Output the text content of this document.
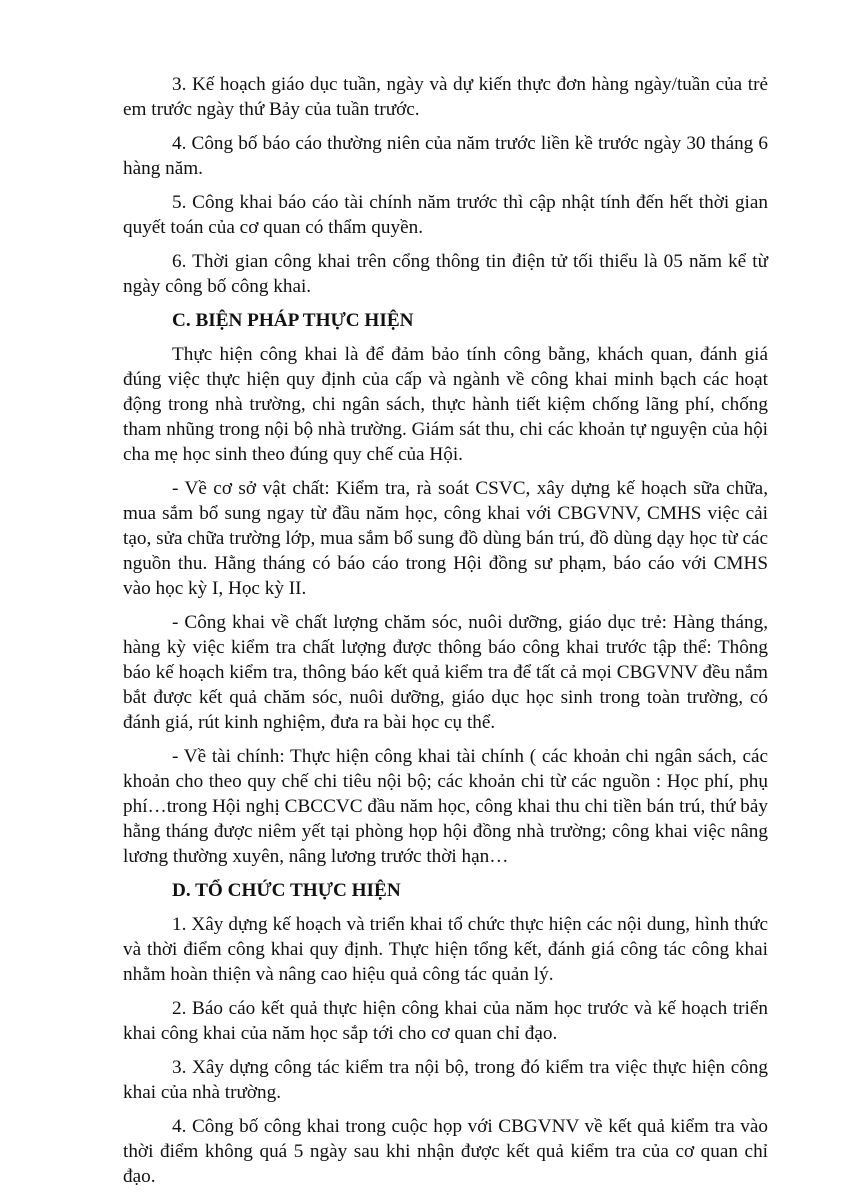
3. Kế hoạch giáo dục tuần, ngày và dự kiến thực đơn hàng ngày/tuần của trẻ em trước ngày thứ Bảy của tuần trước.

4. Công bố báo cáo thường niên của năm trước liền kề trước ngày 30 tháng 6 hàng năm.

5. Công khai báo cáo tài chính năm trước thì cập nhật tính đến hết thời gian quyết toán của cơ quan có thẩm quyền.

6. Thời gian công khai trên cổng thông tin điện tử tối thiểu là 05 năm kể từ ngày công bố công khai.

C. BIỆN PHÁP THỰC HIỆN

Thực hiện công khai là để đảm bảo tính công bằng, khách quan, đánh giá đúng việc thực hiện quy định của cấp và ngành về công khai minh bạch các hoạt động trong nhà trường, chi ngân sách, thực hành tiết kiệm chống lãng phí, chống tham nhũng trong nội bộ nhà trường. Giám sát thu, chi các khoản tự nguyện của hội cha mẹ học sinh theo đúng quy chế của Hội.

- Về cơ sở vật chất: Kiểm tra, rà soát CSVC, xây dựng kế hoạch sữa chữa, mua sắm bổ sung ngay từ đầu năm học, công khai với CBGVNV, CMHS việc cải tạo, sửa chữa trường lớp, mua sắm bổ sung đồ dùng bán trú, đồ dùng dạy học từ các nguồn thu. Hằng tháng có báo cáo trong Hội đồng sư phạm, báo cáo với CMHS vào học kỳ I, Học kỳ II.

- Công khai về chất lượng chăm sóc, nuôi dưỡng, giáo dục trẻ: Hàng tháng, hàng kỳ việc kiểm tra chất lượng được thông báo công khai trước tập thể: Thông báo kế hoạch kiểm tra, thông báo kết quả kiểm tra để tất cả mọi CBGVNV đều nắm bắt được kết quả chăm sóc, nuôi dưỡng, giáo dục học sinh trong toàn trường, có đánh giá, rút kinh nghiệm, đưa ra bài học cụ thể.

- Về tài chính: Thực hiện công khai tài chính ( các khoản chi ngân sách, các khoản cho theo quy chế chi tiêu nội bộ; các khoản chi từ các nguồn : Học phí, phụ phí…trong Hội nghị CBCCVC đầu năm học, công khai thu chi tiền bán trú, thứ bảy hằng tháng được niêm yết tại phòng họp hội đồng nhà trường; công khai việc nâng lương thường xuyên, nâng lương trước thời hạn…

D. TỔ CHỨC THỰC HIỆN

1. Xây dựng kế hoạch và triển khai tổ chức thực hiện các nội dung, hình thức và thời điểm công khai quy định. Thực hiện tổng kết, đánh giá công tác công khai nhằm hoàn thiện và nâng cao hiệu quả công tác quản lý.

2. Báo cáo kết quả thực hiện công khai của năm học trước và kế hoạch triển khai công khai của năm học sắp tới cho cơ quan chỉ đạo.

3. Xây dựng công tác kiểm tra nội bộ, trong đó kiểm tra việc thực hiện công khai của nhà trường.

4. Công bố công khai trong cuộc họp với CBGVNV về kết quả kiểm tra vào thời điểm không quá 5 ngày sau khi nhận được kết quả kiểm tra của cơ quan chỉ đạo.
